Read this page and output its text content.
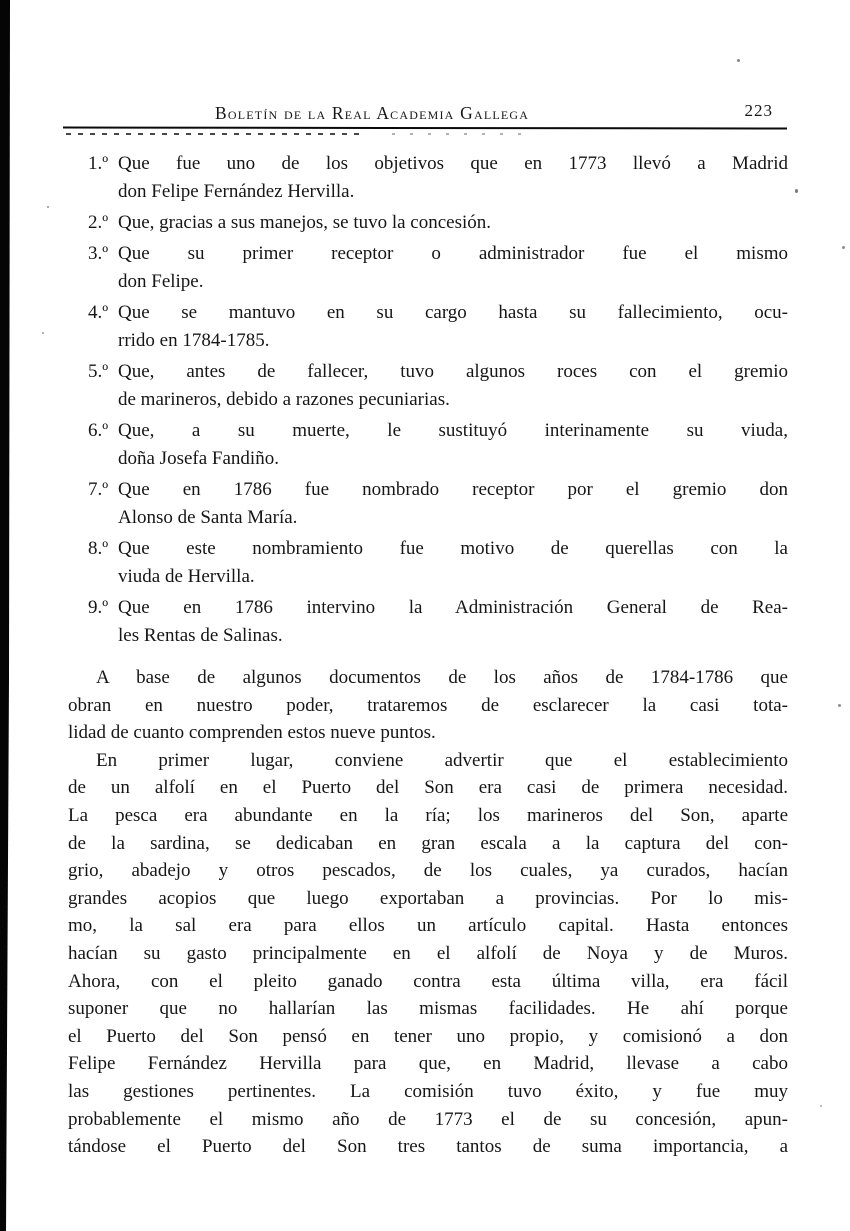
Boletín de la Real Academia Gallega	223
1.º Que fue uno de los objetivos que en 1773 llevó a Madrid
don Felipe Fernández Hervilla.
2.º Que, gracias a sus manejos, se tuvo la concesión.
3.º Que su primer receptor o administrador fue el mismo
don Felipe.
4.º Que se mantuvo en su cargo hasta su fallecimiento, ocu-
rrido en 1784-1785.
5.º Que, antes de fallecer, tuvo algunos roces con el gremio
de marineros, debido a razones pecuniarias.
6.º Que, a su muerte, le sustituyó interinamente su viuda,
doña Josefa Fandiño.
7.º Que en 1786 fue nombrado receptor por el gremio don
Alonso de Santa María.
8.º Que este nombramiento fue motivo de querellas con la
viuda de Hervilla.
9.º Que en 1786 intervino la Administración General de Rea-
les Rentas de Salinas.
A base de algunos documentos de los años de 1784-1786 que
obran en nuestro poder, trataremos de esclarecer la casi tota-
lidad de cuanto comprenden estos nueve puntos.
En primer lugar, conviene advertir que el establecimiento
de un alfolí en el Puerto del Son era casi de primera necesidad.
La pesca era abundante en la ría; los marineros del Son, aparte
de la sardina, se dedicaban en gran escala a la captura del con-
grio, abadejo y otros pescados, de los cuales, ya curados, hacían
grandes acopios que luego exportaban a provincias. Por lo mis-
mo, la sal era para ellos un artículo capital. Hasta entonces
hacían su gasto principalmente en el alfolí de Noya y de Muros.
Ahora, con el pleito ganado contra esta última villa, era fácil
suponer que no hallarían las mismas facilidades. He ahí porque
el Puerto del Son pensó en tener uno propio, y comisionó a don
Felipe Fernández Hervilla para que, en Madrid, llevase a cabo
las gestiones pertinentes. La comisión tuvo éxito, y fue muy
probablemente el mismo año de 1773 el de su concesión, apun-
tándose el Puerto del Son tres tantos de suma importancia, a
